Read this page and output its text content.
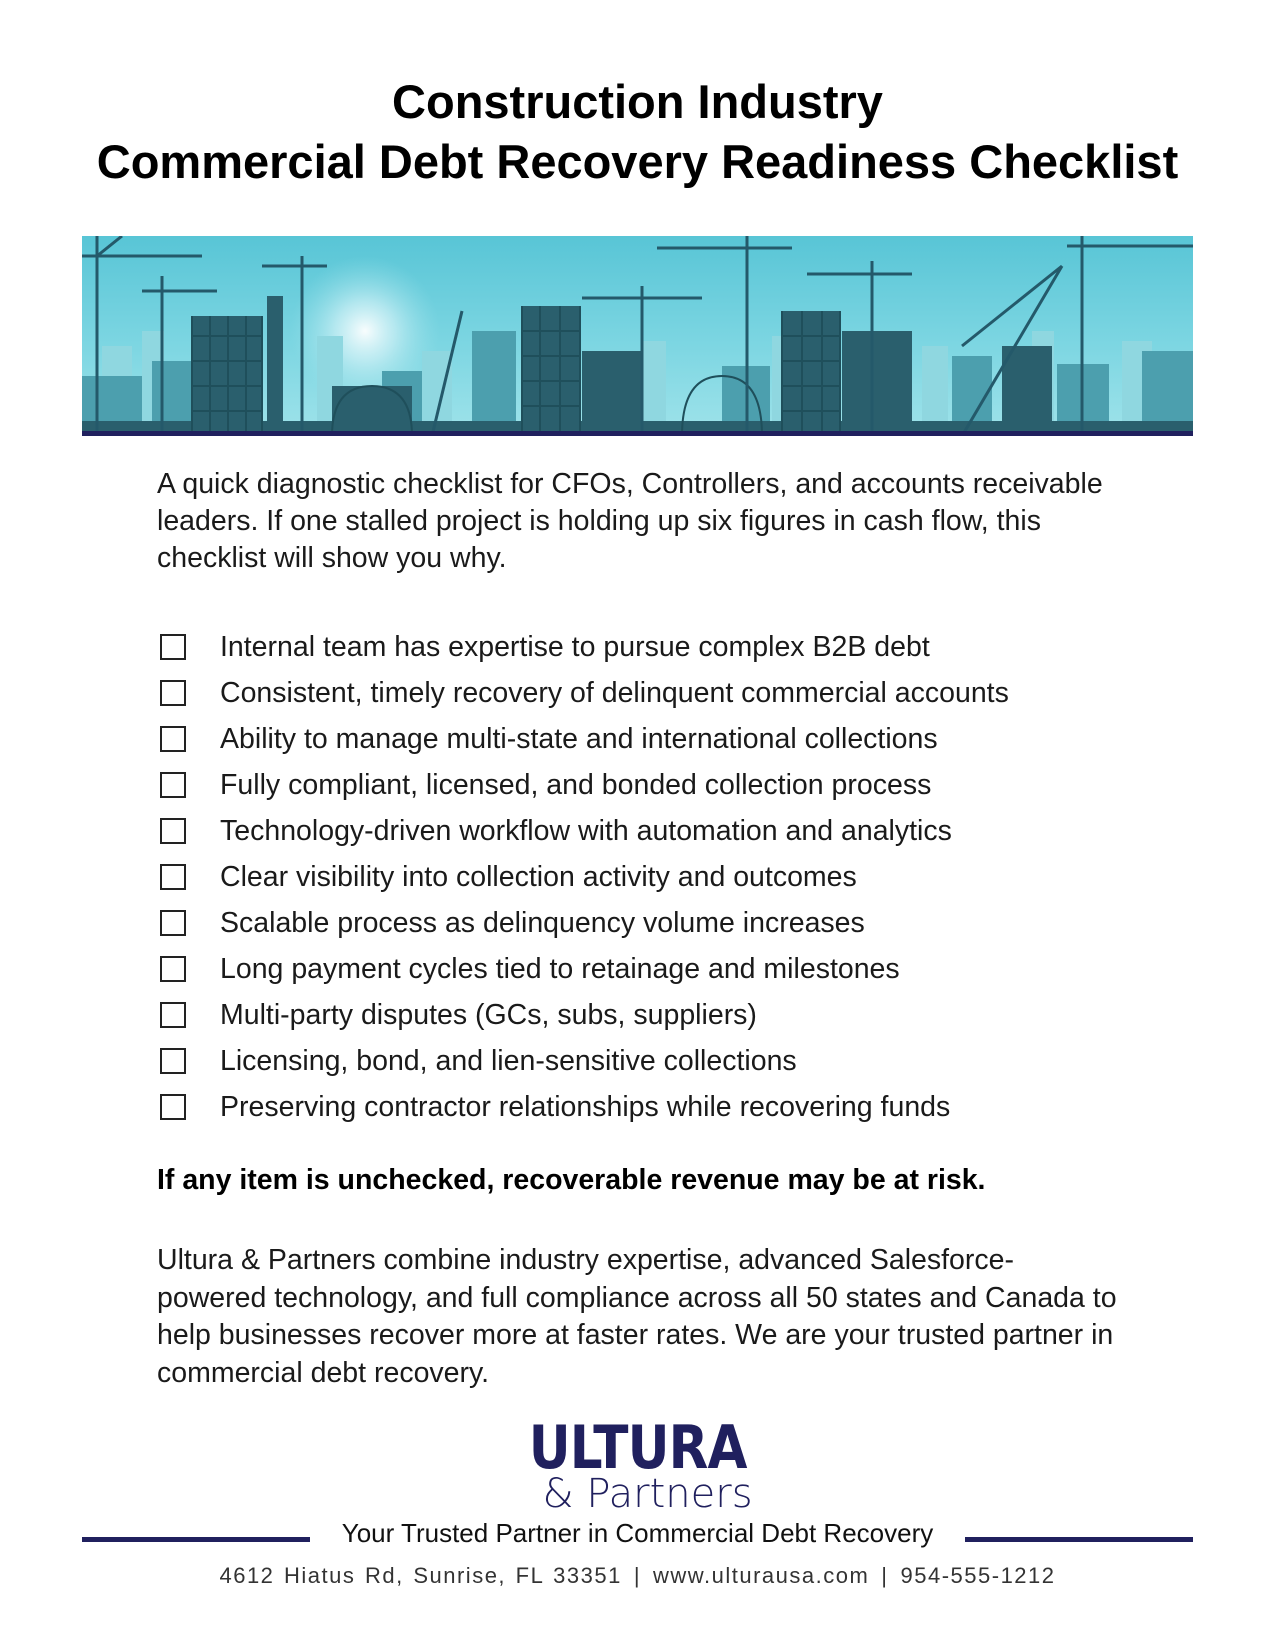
Construction Industry
Commercial Debt Recovery Readiness Checklist

A quick diagnostic checklist for CFOs, Controllers, and accounts receivable leaders. If one stalled project is holding up six figures in cash flow, this checklist will show you why.

Internal team has expertise to pursue complex B2B debt
Consistent, timely recovery of delinquent commercial accounts
Ability to manage multi-state and international collections
Fully compliant, licensed, and bonded collection process
Technology-driven workflow with automation and analytics
Clear visibility into collection activity and outcomes
Scalable process as delinquency volume increases
Long payment cycles tied to retainage and milestones
Multi-party disputes (GCs, subs, suppliers)
Licensing, bond, and lien-sensitive collections
Preserving contractor relationships while recovering funds
If any item is unchecked, recoverable revenue may be at risk.
Ultura & Partners combine industry expertise, advanced Salesforce-powered technology, and full compliance across all 50 states and Canada to help businesses recover more at faster rates. We are your trusted partner in commercial debt recovery.
ULTURA
& Partners
Your Trusted Partner in Commercial Debt Recovery
4612 Hiatus Rd, Sunrise, FL 33351 | www.ulturausa.com | 954-555-1212
